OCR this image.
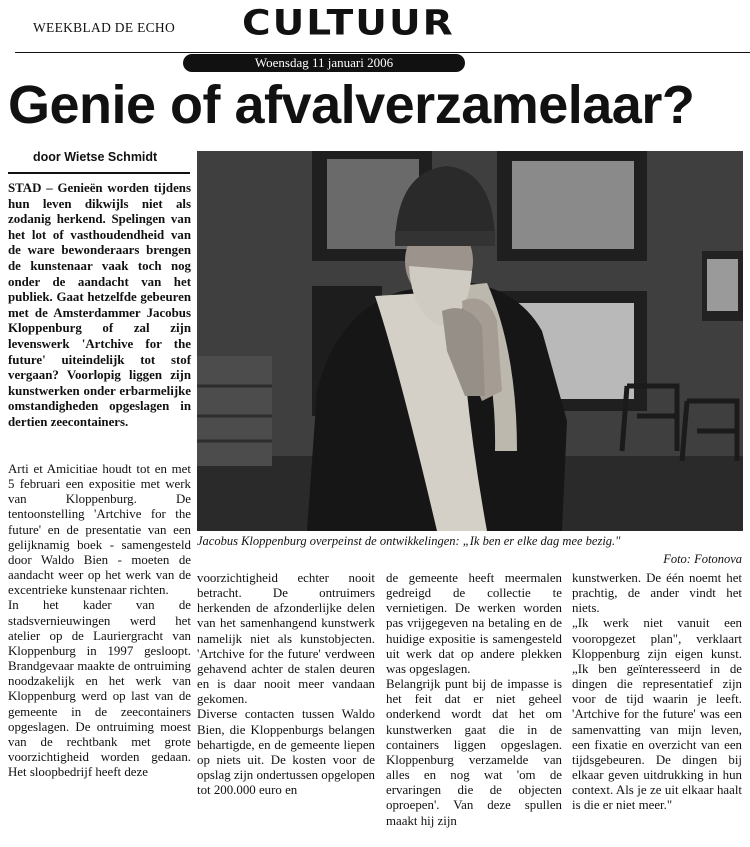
WEEKBLAD DE ECHO CULTUUR
Woensdag 11 januari 2006
Genie of afvalverzamelaar?
door Wietse Schmidt
Jacobus Kloppenburg overpeinst de ontwikkelingen: „Ik ben er elke dag mee bezig."
Foto: Fotonova
STAD – Genieën worden tijdens hun leven dikwijls niet als zodanig herkend. Spelingen van het lot of vasthoudendheid van de ware bewonderaars brengen de kunstenaar vaak toch nog onder de aandacht van het publiek. Gaat hetzelfde gebeuren met de Amsterdammer Jacobus Kloppenburg of zal zijn levenswerk 'Artchive for the future' uiteindelijk tot stof vergaan? Voorlopig liggen zijn kunstwerken onder erbarmelijke omstandigheden opgeslagen in dertien zeecontainers.

Arti et Amicitiae houdt tot en met 5 februari een expositie met werk van Kloppenburg. De tentoonstelling 'Artchive for the future' en de presentatie van een gelijknamig boek - samengesteld door Waldo Bien - moeten de aandacht weer op het werk van de excentrieke kunstenaar richten.

In het kader van de stadsvernieuwingen werd het atelier op de Lauriergracht van Kloppenburg in 1997 gesloopt. Brandgevaar maakte de ontruiming noodzakelijk en het werk van Kloppenburg werd op last van de gemeente in de zeecontainers opgeslagen. De ontruiming moest van de rechtbank met grote voorzichtigheid worden gedaan. Het sloopbedrijf heeft deze

voorzichtigheid echter nooit betracht. De ontruimers herkenden de afzonderlijke delen van het samenhangend kunstwerk namelijk niet als kunstobjecten. 'Artchive for the future' verdween gehavend achter de stalen deuren en is daar nooit meer vandaan gekomen.

Diverse contacten tussen Waldo Bien, die Kloppenburgs belangen behartigde, en de gemeente liepen op niets uit. De kosten voor de opslag zijn ondertussen opgelopen tot 200.000 euro en

de gemeente heeft meermalen gedreigd de collectie te vernietigen. De werken worden pas vrijgegeven na betaling en de huidige expositie is samengesteld uit werk dat op andere plekken was opgeslagen.

Belangrijk punt bij de impasse is het feit dat er niet geheel onderkend wordt dat het om kunstwerken gaat die in de containers liggen opgeslagen. Kloppenburg verzamelde van alles en nog wat 'om de ervaringen die de objecten oproepen'. Van deze spullen maakt hij zijn

kunstwerken. De één noemt het prachtig, de ander vindt het niets.

„Ik werk niet vanuit een vooropgezet plan", verklaart Kloppenburg zijn eigen kunst. „Ik ben geïnteresseerd in de dingen die representatief zijn voor de tijd waarin je leeft. 'Artchive for the future' was een samenvatting van mijn leven, een fixatie en overzicht van een tijdsgebeuren. De dingen bij elkaar geven uitdrukking in hun context. Als je ze uit elkaar haalt is die er niet meer."
